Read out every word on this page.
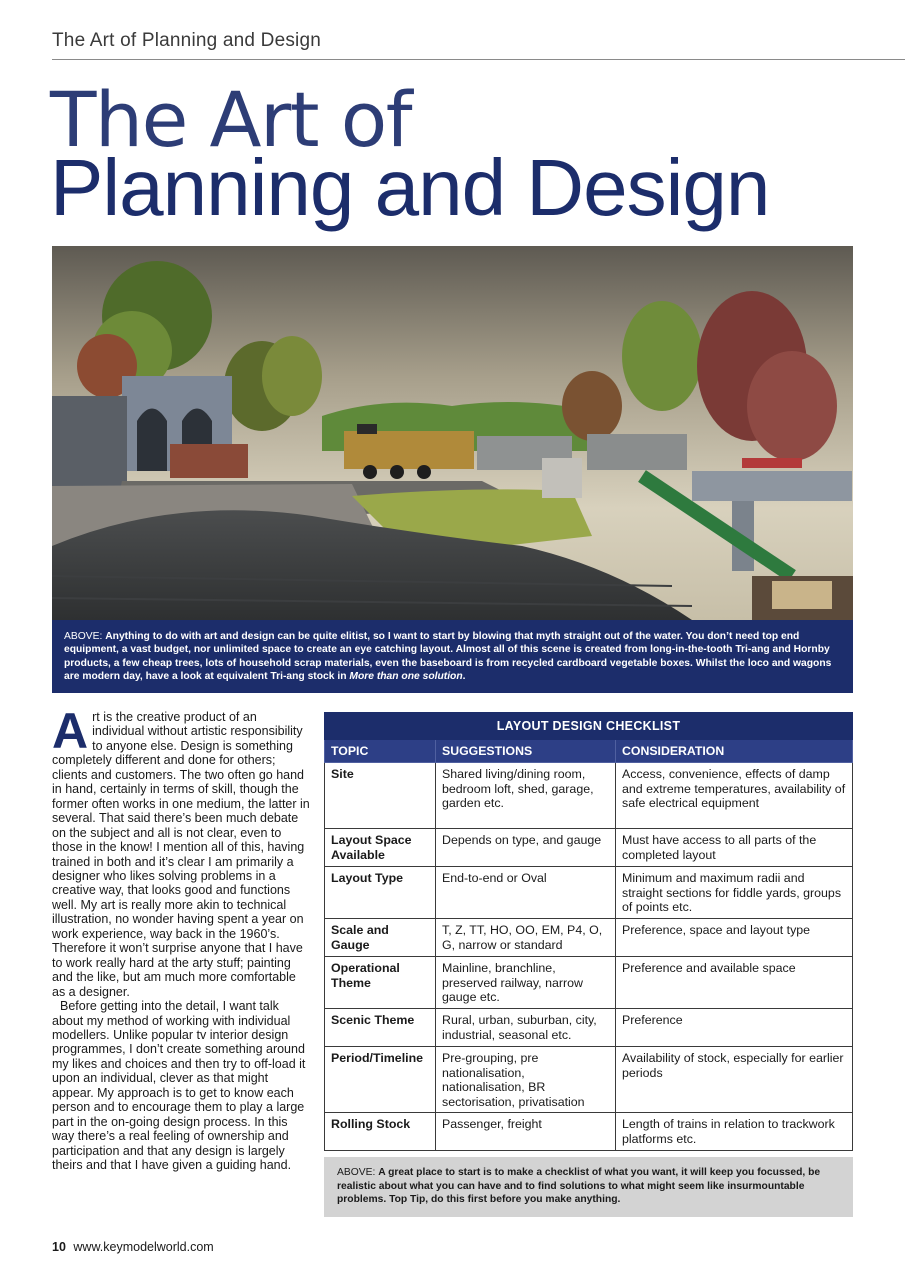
The Art of Planning and Design
The Art of
Planning and Design
ABOVE: Anything to do with art and design can be quite elitist, so I want to start by blowing that myth straight out of the water. You don’t need top end equipment, a vast budget, nor unlimited space to create an eye catching layout. Almost all of this scene is created from long-in-the-tooth Tri-ang and Hornby products, a few cheap trees, lots of household scrap materials, even the baseboard is from recycled cardboard vegetable boxes. Whilst the loco and wagons are modern day, have a look at equivalent Tri-ang stock in More than one solution.

Art is the creative product of an individual without artistic responsibility to anyone else. Design is something completely different and done for others; clients and customers. The two often go hand in hand, certainly in terms of skill, though the former often works in one medium, the latter in several. That said there’s been much debate on the subject and all is not clear, even to those in the know! I mention all of this, having trained in both and it’s clear I am primarily a designer who likes solving problems in a creative way, that looks good and functions well. My art is really more akin to technical illustration, no wonder having spent a year on work experience, way back in the 1960’s. Therefore it won’t surprise anyone that I have to work really hard at the arty stuff; painting and the like, but am much more comfortable as a designer.

Before getting into the detail, I want talk about my method of working with individual modellers. Unlike popular tv interior design programmes, I don’t create something around my likes and choices and then try to off-load it upon an individual, clever as that might appear. My approach is to get to know each person and to encourage them to play a large part in the on-going design process. In this way there’s a real feeling of ownership and participation and that any design is largely theirs and that I have given a guiding hand.

LAYOUT DESIGN CHECKLIST		
TOPIC	SUGGESTIONS	CONSIDERATION
Site	Shared living/dining room, bedroom loft, shed, garage, garden etc.	Access, convenience, effects of damp and extreme temperatures, availability of safe electrical equipment
Layout Space Available	Depends on type, and gauge	Must have access to all parts of the completed layout
Layout Type	End-to-end or Oval	Minimum and maximum radii and straight sections for fiddle yards, groups of points etc.
Scale and Gauge	T, Z, TT, HO, OO, EM, P4, O, G, narrow or standard	Preference, space and layout type
Operational Theme	Mainline, branchline, preserved railway, narrow gauge etc.	Preference and available space
Scenic Theme	Rural, urban, suburban, city, industrial, seasonal etc.	Preference
Period/Timeline	Pre-grouping, pre nationalisation, nationalisation, BR sectorisation, privatisation	Availability of stock, especially for earlier periods
Rolling Stock	Passenger, freight	Length of trains in relation to trackwork platforms etc.
ABOVE: A great place to start is to make a checklist of what you want, it will keep you focussed, be realistic about what you can have and to find solutions to what might seem like insurmountable problems. Top Tip, do this first before you make anything.
10 www.keymodelworld.com
